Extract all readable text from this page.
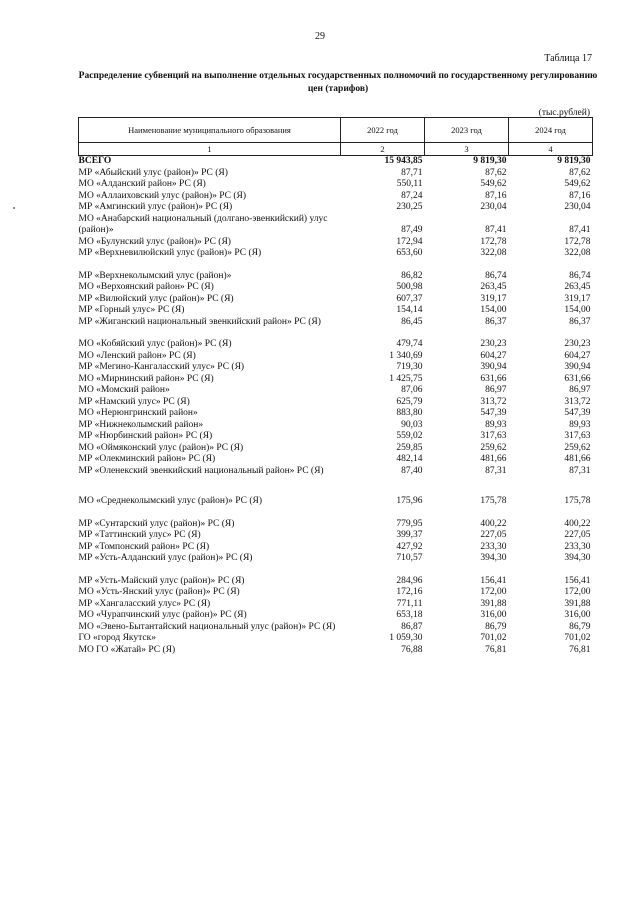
29
Таблица 17
Распределение субвенций на выполнение отдельных государственных полномочий по государственному регулированию цен (тарифов)
(тыс.рублей)
Наименование муниципального образования	2022 год	2023 год	2024 год
1	2	3	4
ВСЕГО	15 943,85	9 819,30	9 819,30
МР «Абыйский улус (район)» РС (Я)	87,71	87,62	87,62
МО «Алданский район» РС (Я)	550,11	549,62	549,62
МО «Аллаиховский улус (район)» РС (Я)	87,24	87,16	87,16
МР «Амгинский улус (район)» РС (Я)	230,25	230,04	230,04
МО «Анабарский национальный (долгано-эвенкийский) улус (район)»	87,49	87,41	87,41
МО «Булунский улус (район)» РС (Я)	172,94	172,78	172,78
МР «Верхневилюйский улус (район)» РС (Я)	653,60	322,08	322,08

МР «Верхнеколымский улус (район)»	86,82	86,74	86,74
МО «Верхоянский район» РС (Я)	500,98	263,45	263,45
МР «Вилюйский улус (район)» РС (Я)	607,37	319,17	319,17
МР «Горный улус» РС (Я)	154,14	154,00	154,00
МР «Жиганский национальный эвенкийский район» РС (Я)	86,45	86,37	86,37

МО «Кобяйский улус (район)» РС (Я)	479,74	230,23	230,23
МО «Ленский район» РС (Я)	1 340,69	604,27	604,27
МР «Мегино-Кангаласский улус» РС (Я)	719,30	390,94	390,94
МО «Мирнинский район» РС (Я)	1 425,75	631,66	631,66
МО «Момский район»	87,06	86,97	86,97
МР «Намский улус» РС (Я)	625,79	313,72	313,72
МО «Нерюнгринский район»	883,80	547,39	547,39
МР «Нижнеколымский район»	90,03	89,93	89,93
МР «Нюрбинский район» РС (Я)	559,02	317,63	317,63
МО «Оймяконский улус (район)» РС (Я)	259,85	259,62	259,62
МР «Олекминский район» РС (Я)	482,14	481,66	481,66
МР «Оленекский эвенкийский национальный район» РС (Я)	87,40	87,31	87,31

МО «Среднеколымский улус (район)» РС (Я)	175,96	175,78	175,78

МР «Сунтарский улус (район)» РС (Я)	779,95	400,22	400,22
МР «Таттинский улус» РС (Я)	399,37	227,05	227,05
МР «Томпонский район» РС (Я)	427,92	233,30	233,30
МР «Усть-Алданский улус (район)» РС (Я)	710,57	394,30	394,30

МР «Усть-Майский улус (район)» РС (Я)	284,96	156,41	156,41
МО «Усть-Янский улус (район)» РС (Я)	172,16	172,00	172,00
МР «Хангаласский улус» РС (Я)	771,11	391,88	391,88
МО «Чурапчинский улус (район)» РС (Я)	653,18	316,00	316,00
МО «Эвено-Бытантайский национальный улус (район)» РС (Я)	86,87	86,79	86,79
ГО «город Якутск»	1 059,30	701,02	701,02
МО ГО «Жатай» РС (Я)	76,88	76,81	76,81
